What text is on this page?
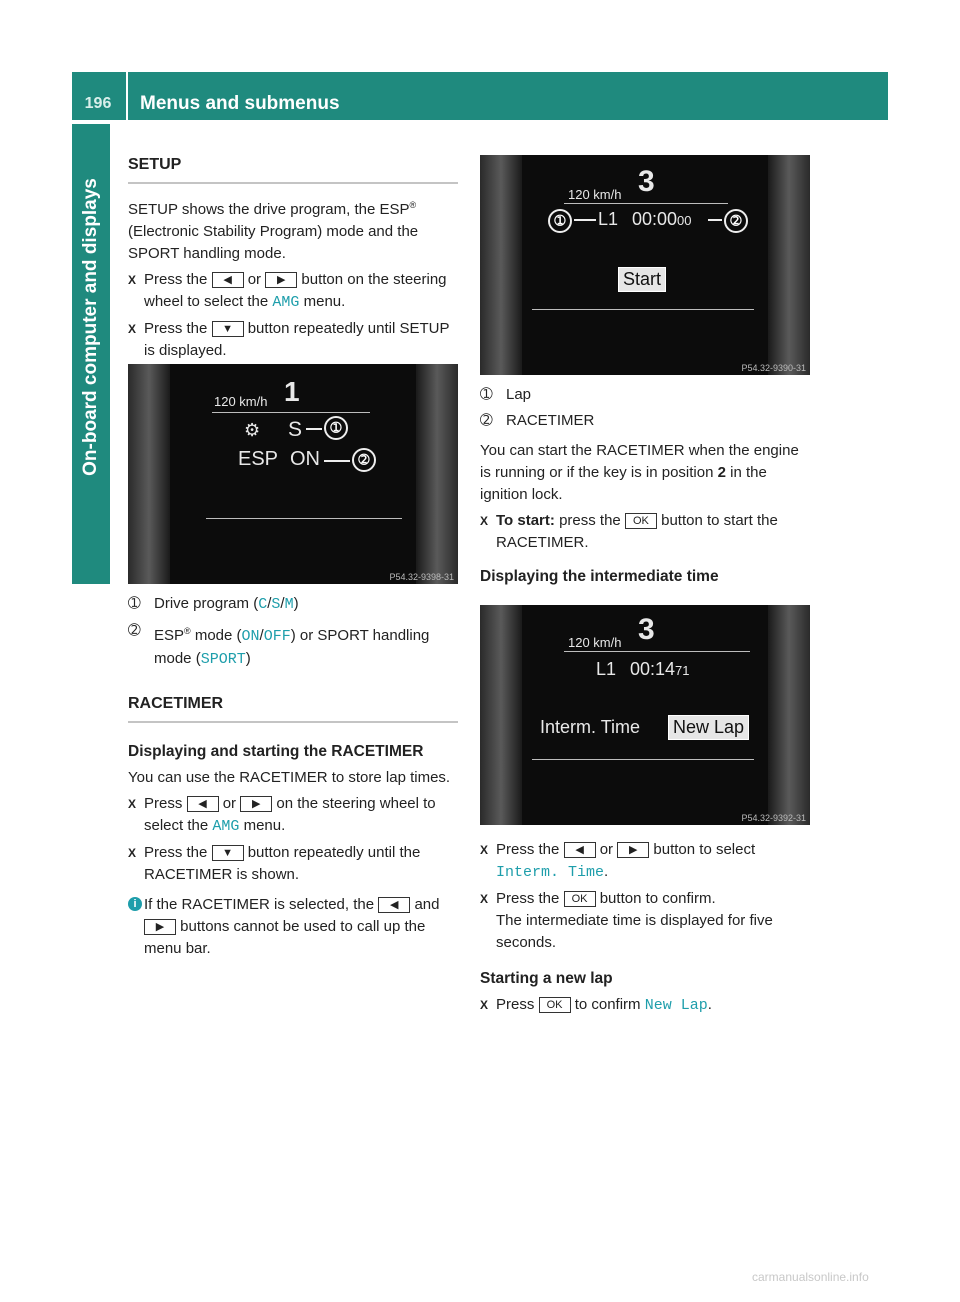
196	Menus and submenus
On-board computer and displays
SETUP

SETUP shows the drive program, the ESP® (Electronic Stability Program) mode and the SPORT handling mode.

X Press the ◀ or ▶ button on the steering wheel to select the AMG menu.

X Press the ▼ button repeatedly until SETUP is displayed.

120 km/h 1
⚙ S	➀
ESP ON	➁
P54.32-9398-31

➀ Drive program (C/S/M)

➁ ESP® mode (ON/OFF) or SPORT handling mode (SPORT)

RACETIMER
Displaying and starting the RACETIMER

You can use the RACETIMER to store lap times.

X Press ◀ or ▶ on the steering wheel to select the AMG menu.

X Press the ▼ button repeatedly until the RACETIMER is shown.

i If the RACETIMER is selected, the ◀ and ▶ buttons cannot be used to call up the menu bar.

120 km/h 3
➀	L1 00:0000	➁
Start
P54.32-9390-31

➀ Lap

➁ RACETIMER

You can start the RACETIMER when the engine is running or if the key is in position 2 in the ignition lock.

X To start: press the OK button to start the RACETIMER.

Displaying the intermediate time
120 km/h 3
L1 00:1471
Interm. Time New Lap
P54.32-9392-31

X Press the ◀ or ▶ button to select
Interm. Time.

X Press the OK button to confirm.
The intermediate time is displayed for five seconds.

Starting a new lap

X Press OK to confirm New Lap.

carmanualsonline.info
